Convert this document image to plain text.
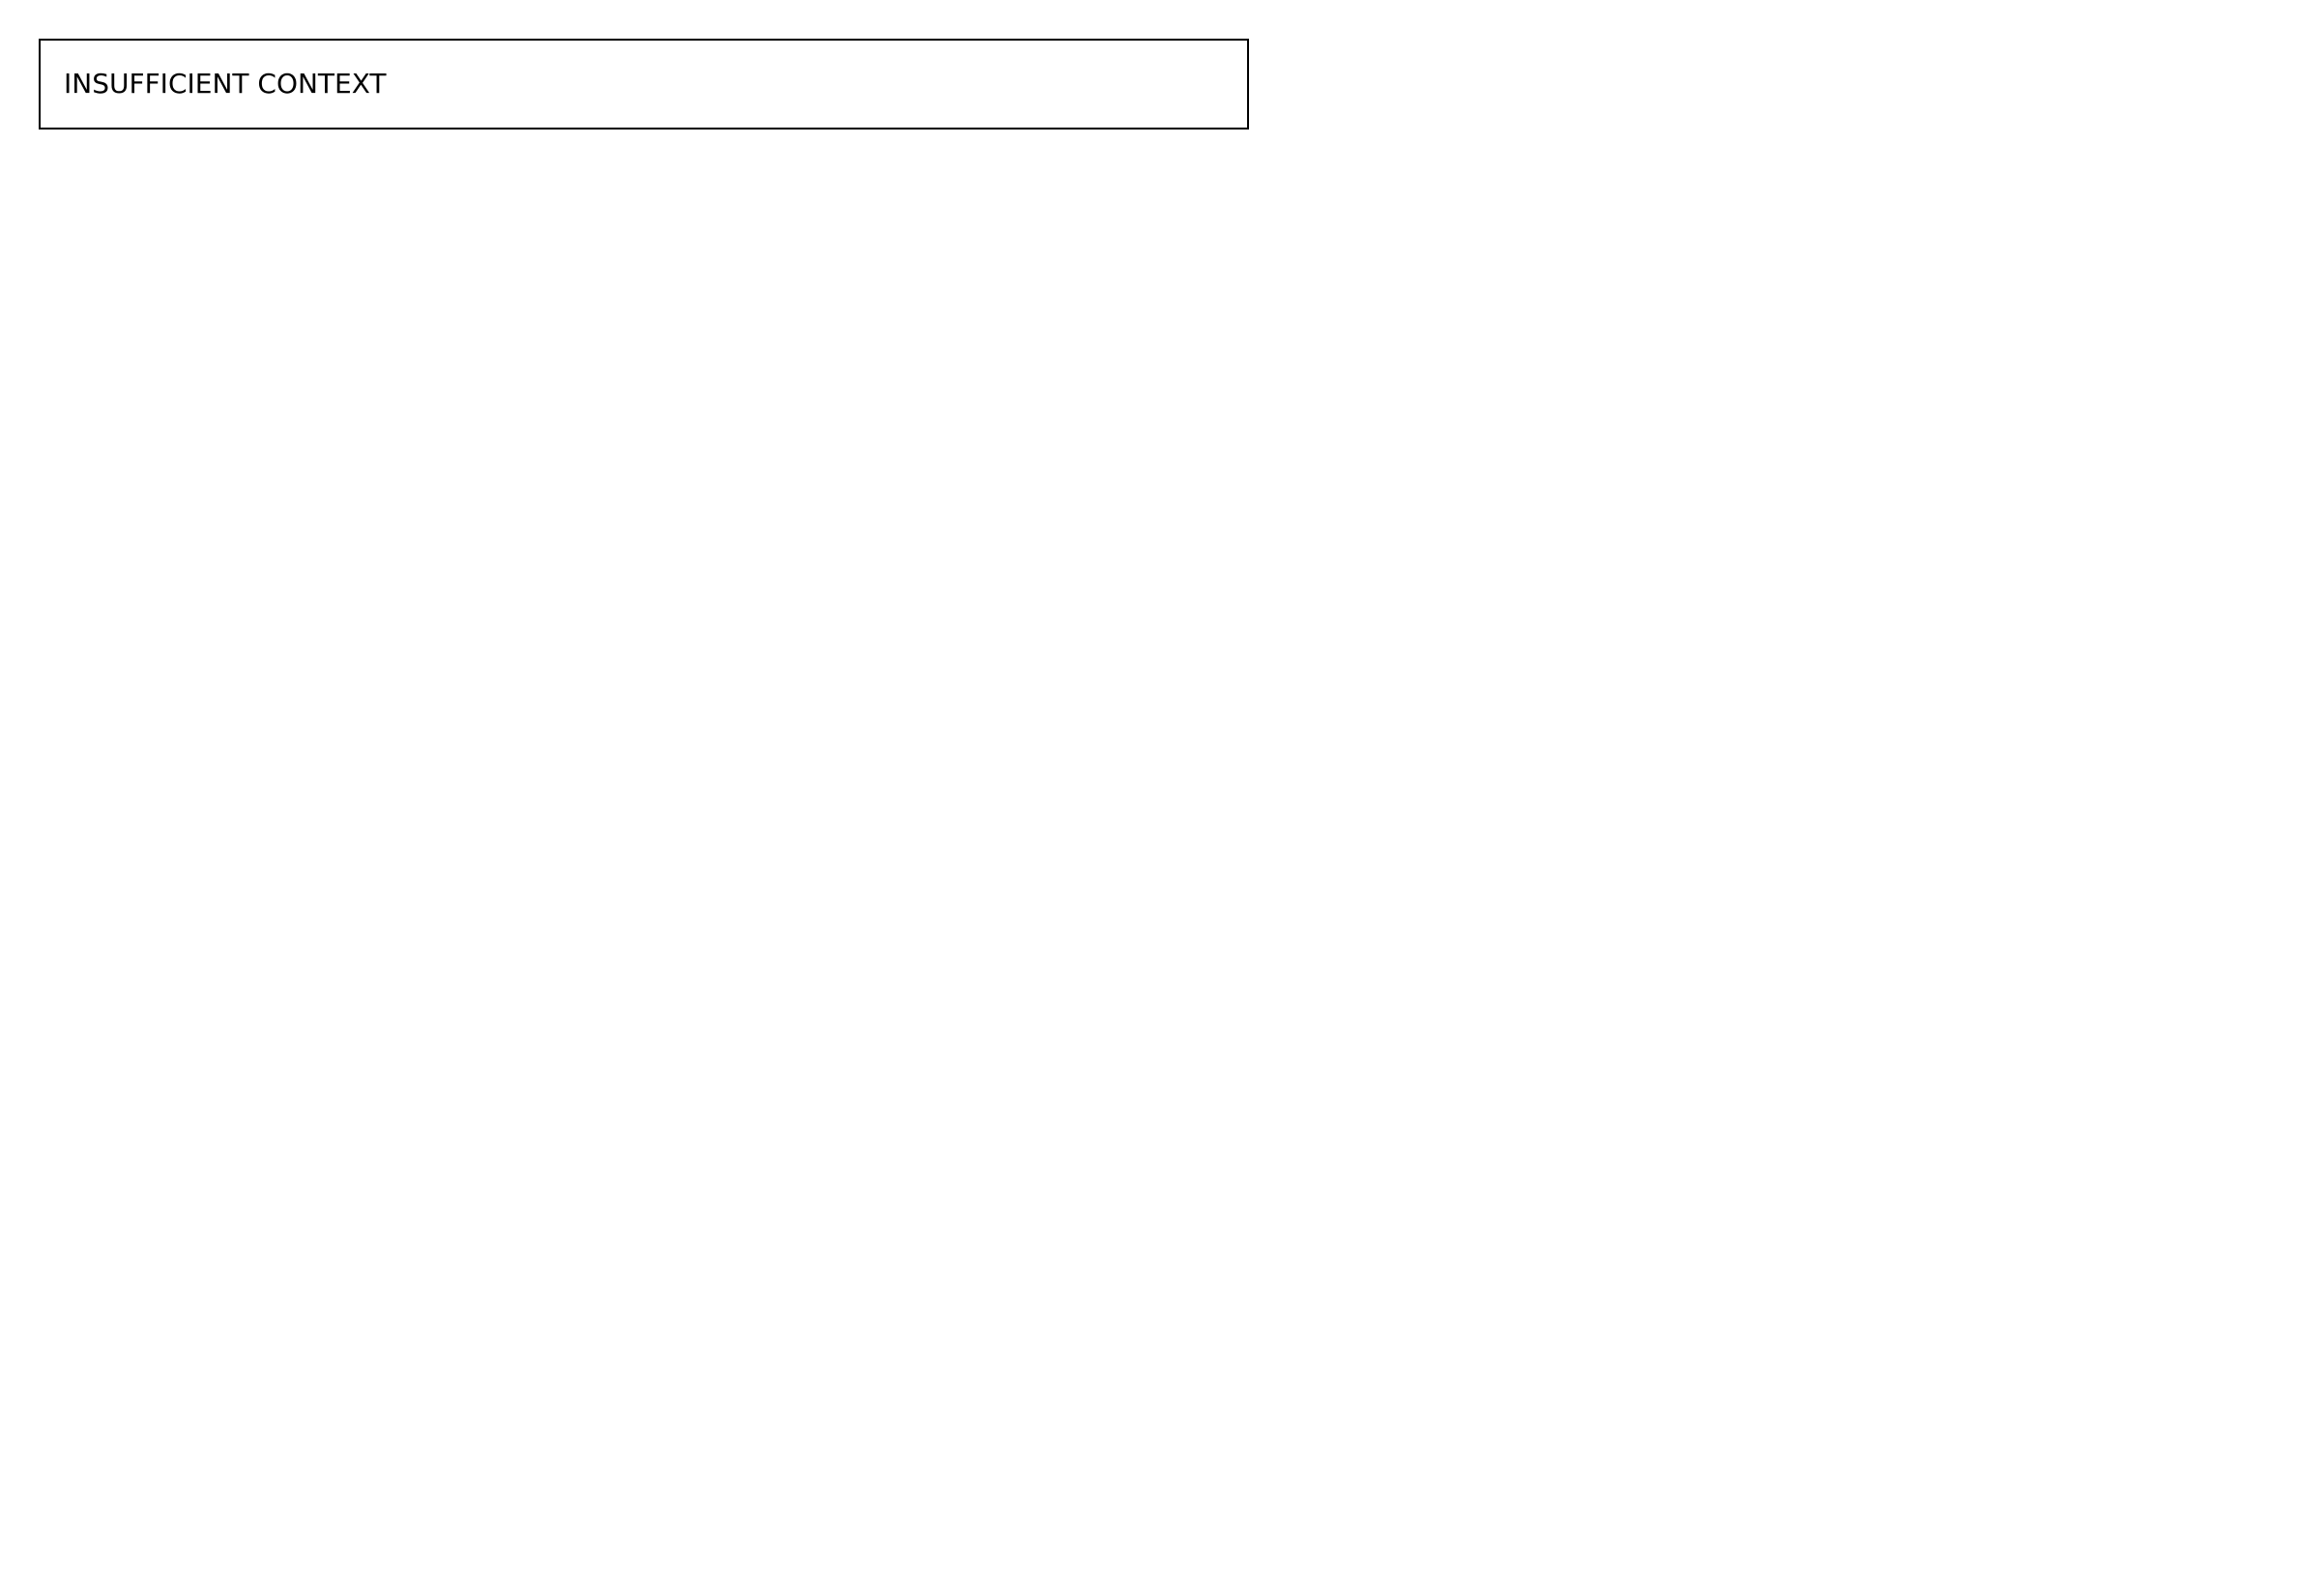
INSUFFICIENT CONTEXT
